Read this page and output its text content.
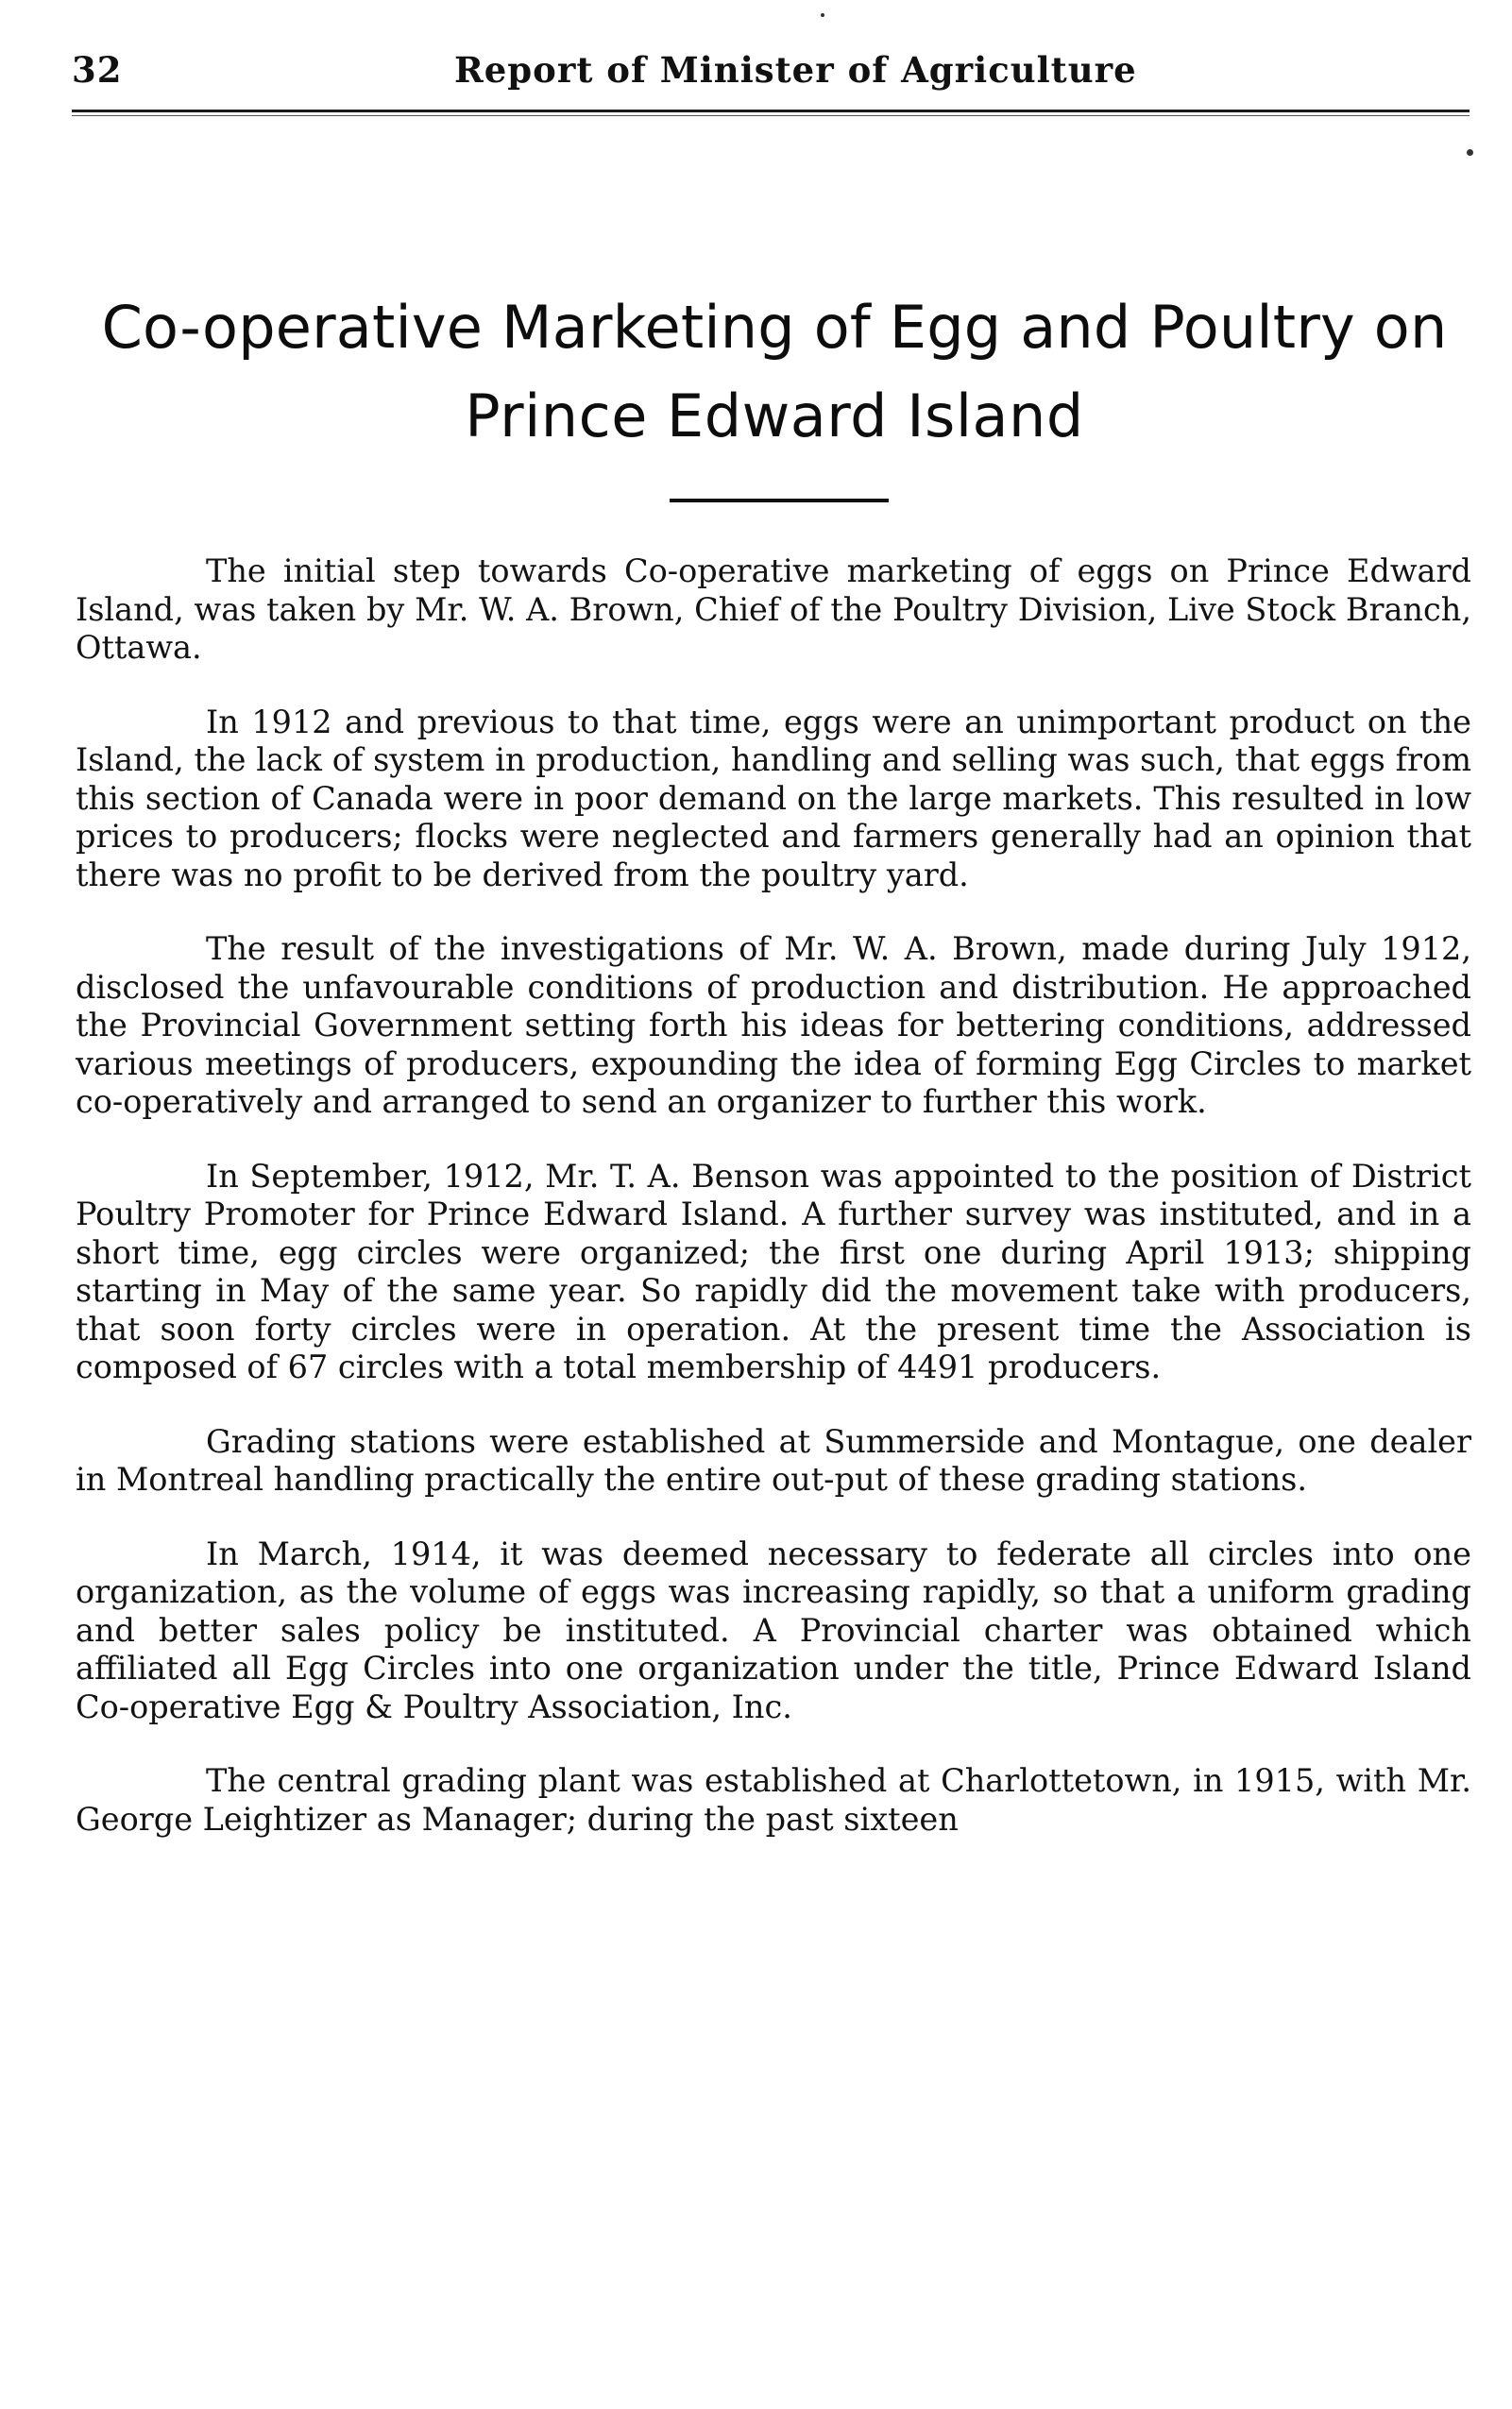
32	Report of Minister of Agriculture
Co-operative Marketing of Egg and Poultry on
Prince Edward Island

The initial step towards Co-operative marketing of eggs on Prince Edward Island, was taken by Mr. W. A. Brown, Chief of the Poultry Division, Live Stock Branch, Ottawa.

In 1912 and previous to that time, eggs were an unimportant product on the Island, the lack of system in production, handling and selling was such, that eggs from this section of Canada were in poor demand on the large markets. This resulted in low prices to producers; flocks were neglected and farmers generally had an opinion that there was no profit to be derived from the poultry yard.

The result of the investigations of Mr. W. A. Brown, made during July 1912, disclosed the unfavourable conditions of production and distribution. He approached the Provincial Government setting forth his ideas for bettering conditions, addressed various meetings of producers, expounding the idea of forming Egg Circles to market co-operatively and arranged to send an organizer to further this work.

In September, 1912, Mr. T. A. Benson was appointed to the position of District Poultry Promoter for Prince Edward Island. A further survey was instituted, and in a short time, egg circles were organized; the first one during April 1913; shipping starting in May of the same year. So rapidly did the movement take with producers, that soon forty circles were in operation. At the present time the Association is composed of 67 circles with a total membership of 4491 producers.

Grading stations were established at Summerside and Montague, one dealer in Montreal handling practically the entire out-put of these grading stations.

In March, 1914, it was deemed necessary to federate all circles into one organization, as the volume of eggs was increasing rapidly, so that a uniform grading and better sales policy be instituted. A Provincial charter was obtained which affiliated all Egg Circles into one organization under the title, Prince Edward Island Co-operative Egg & Poultry Association, Inc.

The central grading plant was established at Charlottetown, in 1915, with Mr. George Leightizer as Manager; during the past sixteen
